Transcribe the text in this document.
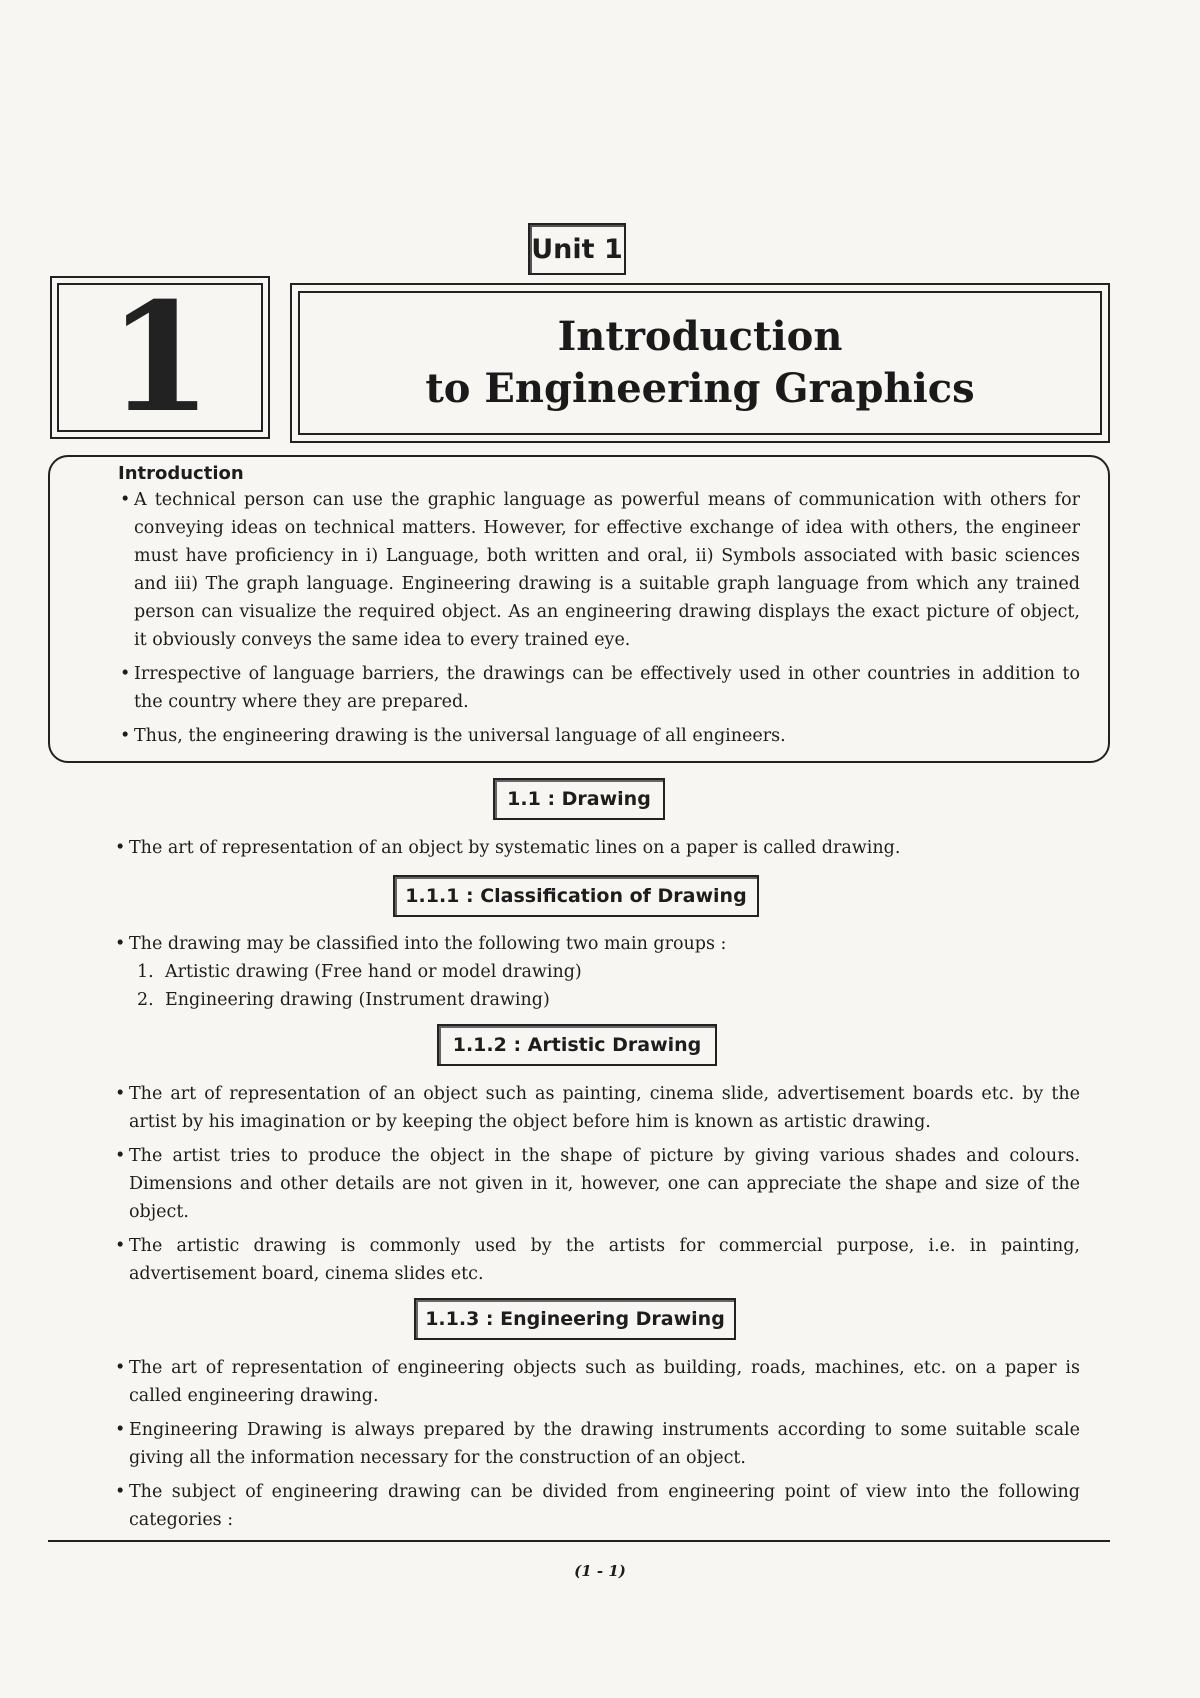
Unit 1
1	Introduction
to Engineering Graphics
Introduction
• A technical person can use the graphic language as powerful means of communication with others for conveying ideas on technical matters. However, for effective exchange of idea with others, the engineer must have proficiency in i) Language, both written and oral, ii) Symbols associated with basic sciences and iii) The graph language. Engineering drawing is a suitable graph language from which any trained person can visualize the required object. As an engineering drawing displays the exact picture of object, it obviously conveys the same idea to every trained eye.
• Irrespective of language barriers, the drawings can be effectively used in other countries in addition to the country where they are prepared.
• Thus, the engineering drawing is the universal language of all engineers.
1.1 : Drawing
• The art of representation of an object by systematic lines on a paper is called drawing.
1.1.1 : Classification of Drawing
• The drawing may be classified into the following two main groups :
1. Artistic drawing (Free hand or model drawing)
2. Engineering drawing (Instrument drawing)
1.1.2 : Artistic Drawing
• The art of representation of an object such as painting, cinema slide, advertisement boards etc. by the artist by his imagination or by keeping the object before him is known as artistic drawing.
• The artist tries to produce the object in the shape of picture by giving various shades and colours. Dimensions and other details are not given in it, however, one can appreciate the shape and size of the object.
• The artistic drawing is commonly used by the artists for commercial purpose, i.e. in painting, advertisement board, cinema slides etc.
1.1.3 : Engineering Drawing
• The art of representation of engineering objects such as building, roads, machines, etc. on a paper is called engineering drawing.
• Engineering Drawing is always prepared by the drawing instruments according to some suitable scale giving all the information necessary for the construction of an object.
• The subject of engineering drawing can be divided from engineering point of view into the following categories :
(1 - 1)
